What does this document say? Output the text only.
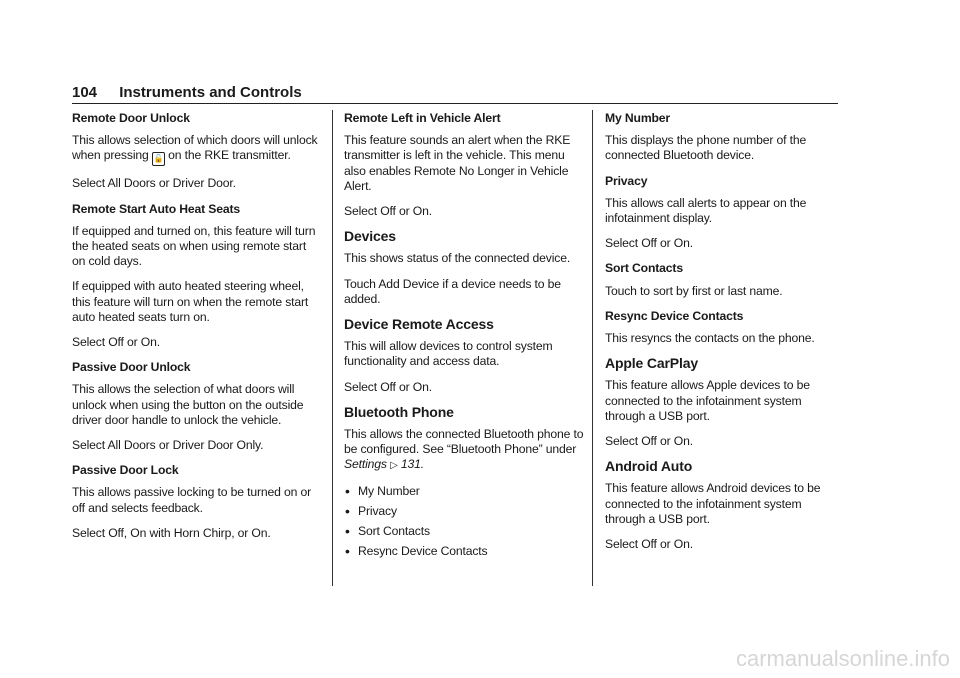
104 Instruments and Controls

Remote Door Unlock

This allows selection of which doors will unlock when pressing 🔓 on the RKE transmitter.

Select All Doors or Driver Door.

Remote Start Auto Heat Seats

If equipped and turned on, this feature will turn the heated seats on when using remote start on cold days.

If equipped with auto heated steering wheel, this feature will turn on when the remote start auto heated seats turn on.

Select Off or On.

Passive Door Unlock

This allows the selection of what doors will unlock when using the button on the outside driver door handle to unlock the vehicle.

Select All Doors or Driver Door Only.

Passive Door Lock

This allows passive locking to be turned on or off and selects feedback.

Select Off, On with Horn Chirp, or On.

Remote Left in Vehicle Alert

This feature sounds an alert when the RKE transmitter is left in the vehicle. This menu also enables Remote No Longer in Vehicle Alert.

Select Off or On.

Devices

This shows status of the connected device.

Touch Add Device if a device needs to be added.

Device Remote Access

This will allow devices to control system functionality and access data.

Select Off or On.

Bluetooth Phone

This allows the connected Bluetooth phone to be configured. See “Bluetooth Phone” under Settings ▷ 131.

• My Number
• Privacy
• Sort Contacts
• Resync Device Contacts

My Number

This displays the phone number of the connected Bluetooth device.

Privacy

This allows call alerts to appear on the infotainment display.

Select Off or On.

Sort Contacts

Touch to sort by first or last name.

Resync Device Contacts

This resyncs the contacts on the phone.

Apple CarPlay

This feature allows Apple devices to be connected to the infotainment system through a USB port.

Select Off or On.

Android Auto

This feature allows Android devices to be connected to the infotainment system through a USB port.

Select Off or On.

carmanualsonline.info
